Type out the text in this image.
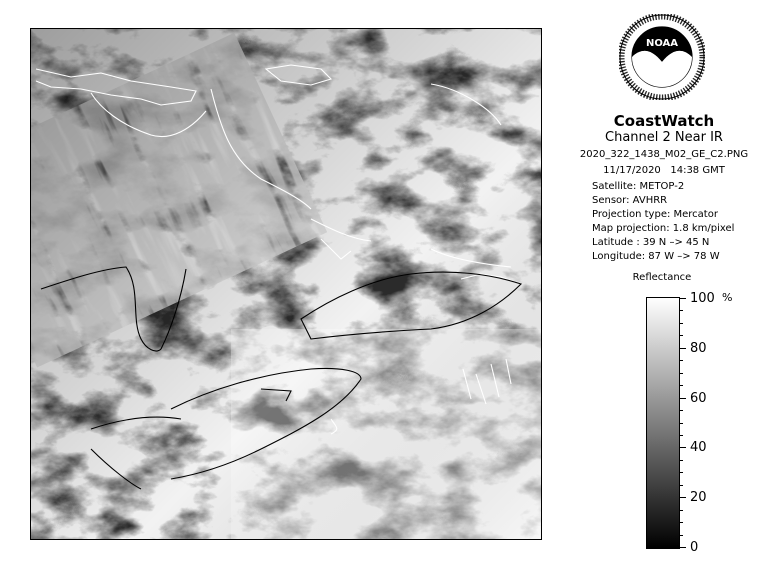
NOAA
CoastWatch
Channel 2 Near IR
2020_322_1438_M02_GE_C2.PNG
11/17/2020 14:38 GMT
Satellite: METOP-2
Sensor: AVHRR
Projection type: Mercator
Map projection: 1.8 km/pixel
Latitude : 39 N –> 45 N
Longitude: 87 W –> 78 W
Reflectance
%
100
80
60
40
20
0
